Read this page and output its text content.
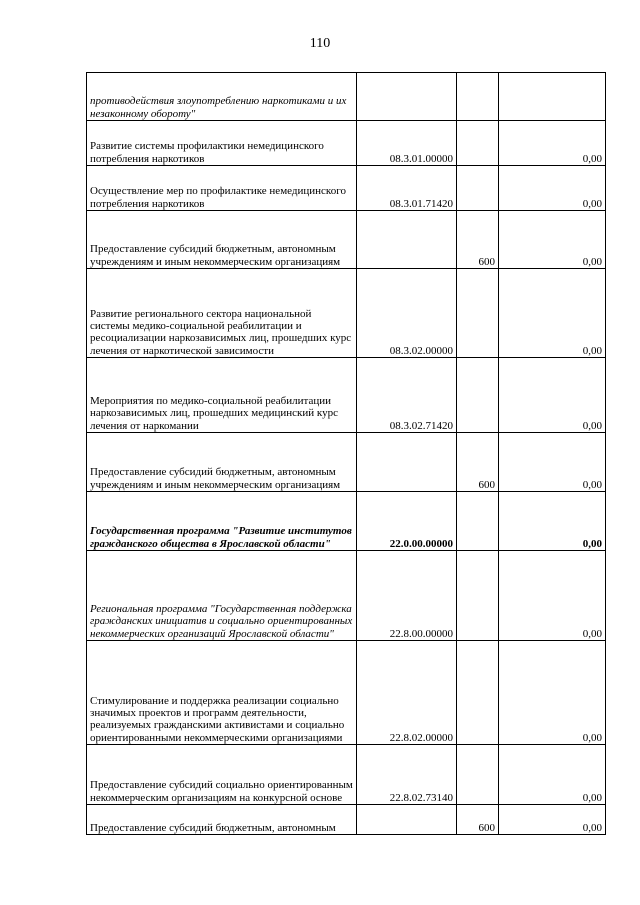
110
противодействия злоупотреблению наркотиками и их незаконному обороту"			
Развитие системы профилактики немедицинского потребления наркотиков	08.3.01.00000		0,00
Осуществление мер по профилактике немедицинского потребления наркотиков	08.3.01.71420		0,00
Предоставление субсидий бюджетным, автономным учреждениям и иным некоммерческим организациям		600	0,00
Развитие регионального сектора национальной системы медико-социальной реабилитации и ресоциализации наркозависимых лиц, прошедших курс лечения от наркотической зависимости	08.3.02.00000		0,00
Мероприятия по медико-социальной реабилитации наркозависимых лиц, прошедших медицинский курс лечения от наркомании	08.3.02.71420		0,00
Предоставление субсидий бюджетным, автономным учреждениям и иным некоммерческим организациям		600	0,00
Государственная программа "Развитие институтов гражданского общества в Ярославской области"	22.0.00.00000		0,00
Региональная программа "Государственная поддержка гражданских инициатив и социально ориентированных некоммерческих организаций Ярославской области"	22.8.00.00000		0,00
Стимулирование и поддержка реализации социально значимых проектов и программ деятельности, реализуемых гражданскими активистами и социально ориентированными некоммерческими организациями	22.8.02.00000		0,00
Предоставление субсидий социально ориентированным некоммерческим организациям на конкурсной основе	22.8.02.73140		0,00
Предоставление субсидий бюджетным, автономным		600	0,00
